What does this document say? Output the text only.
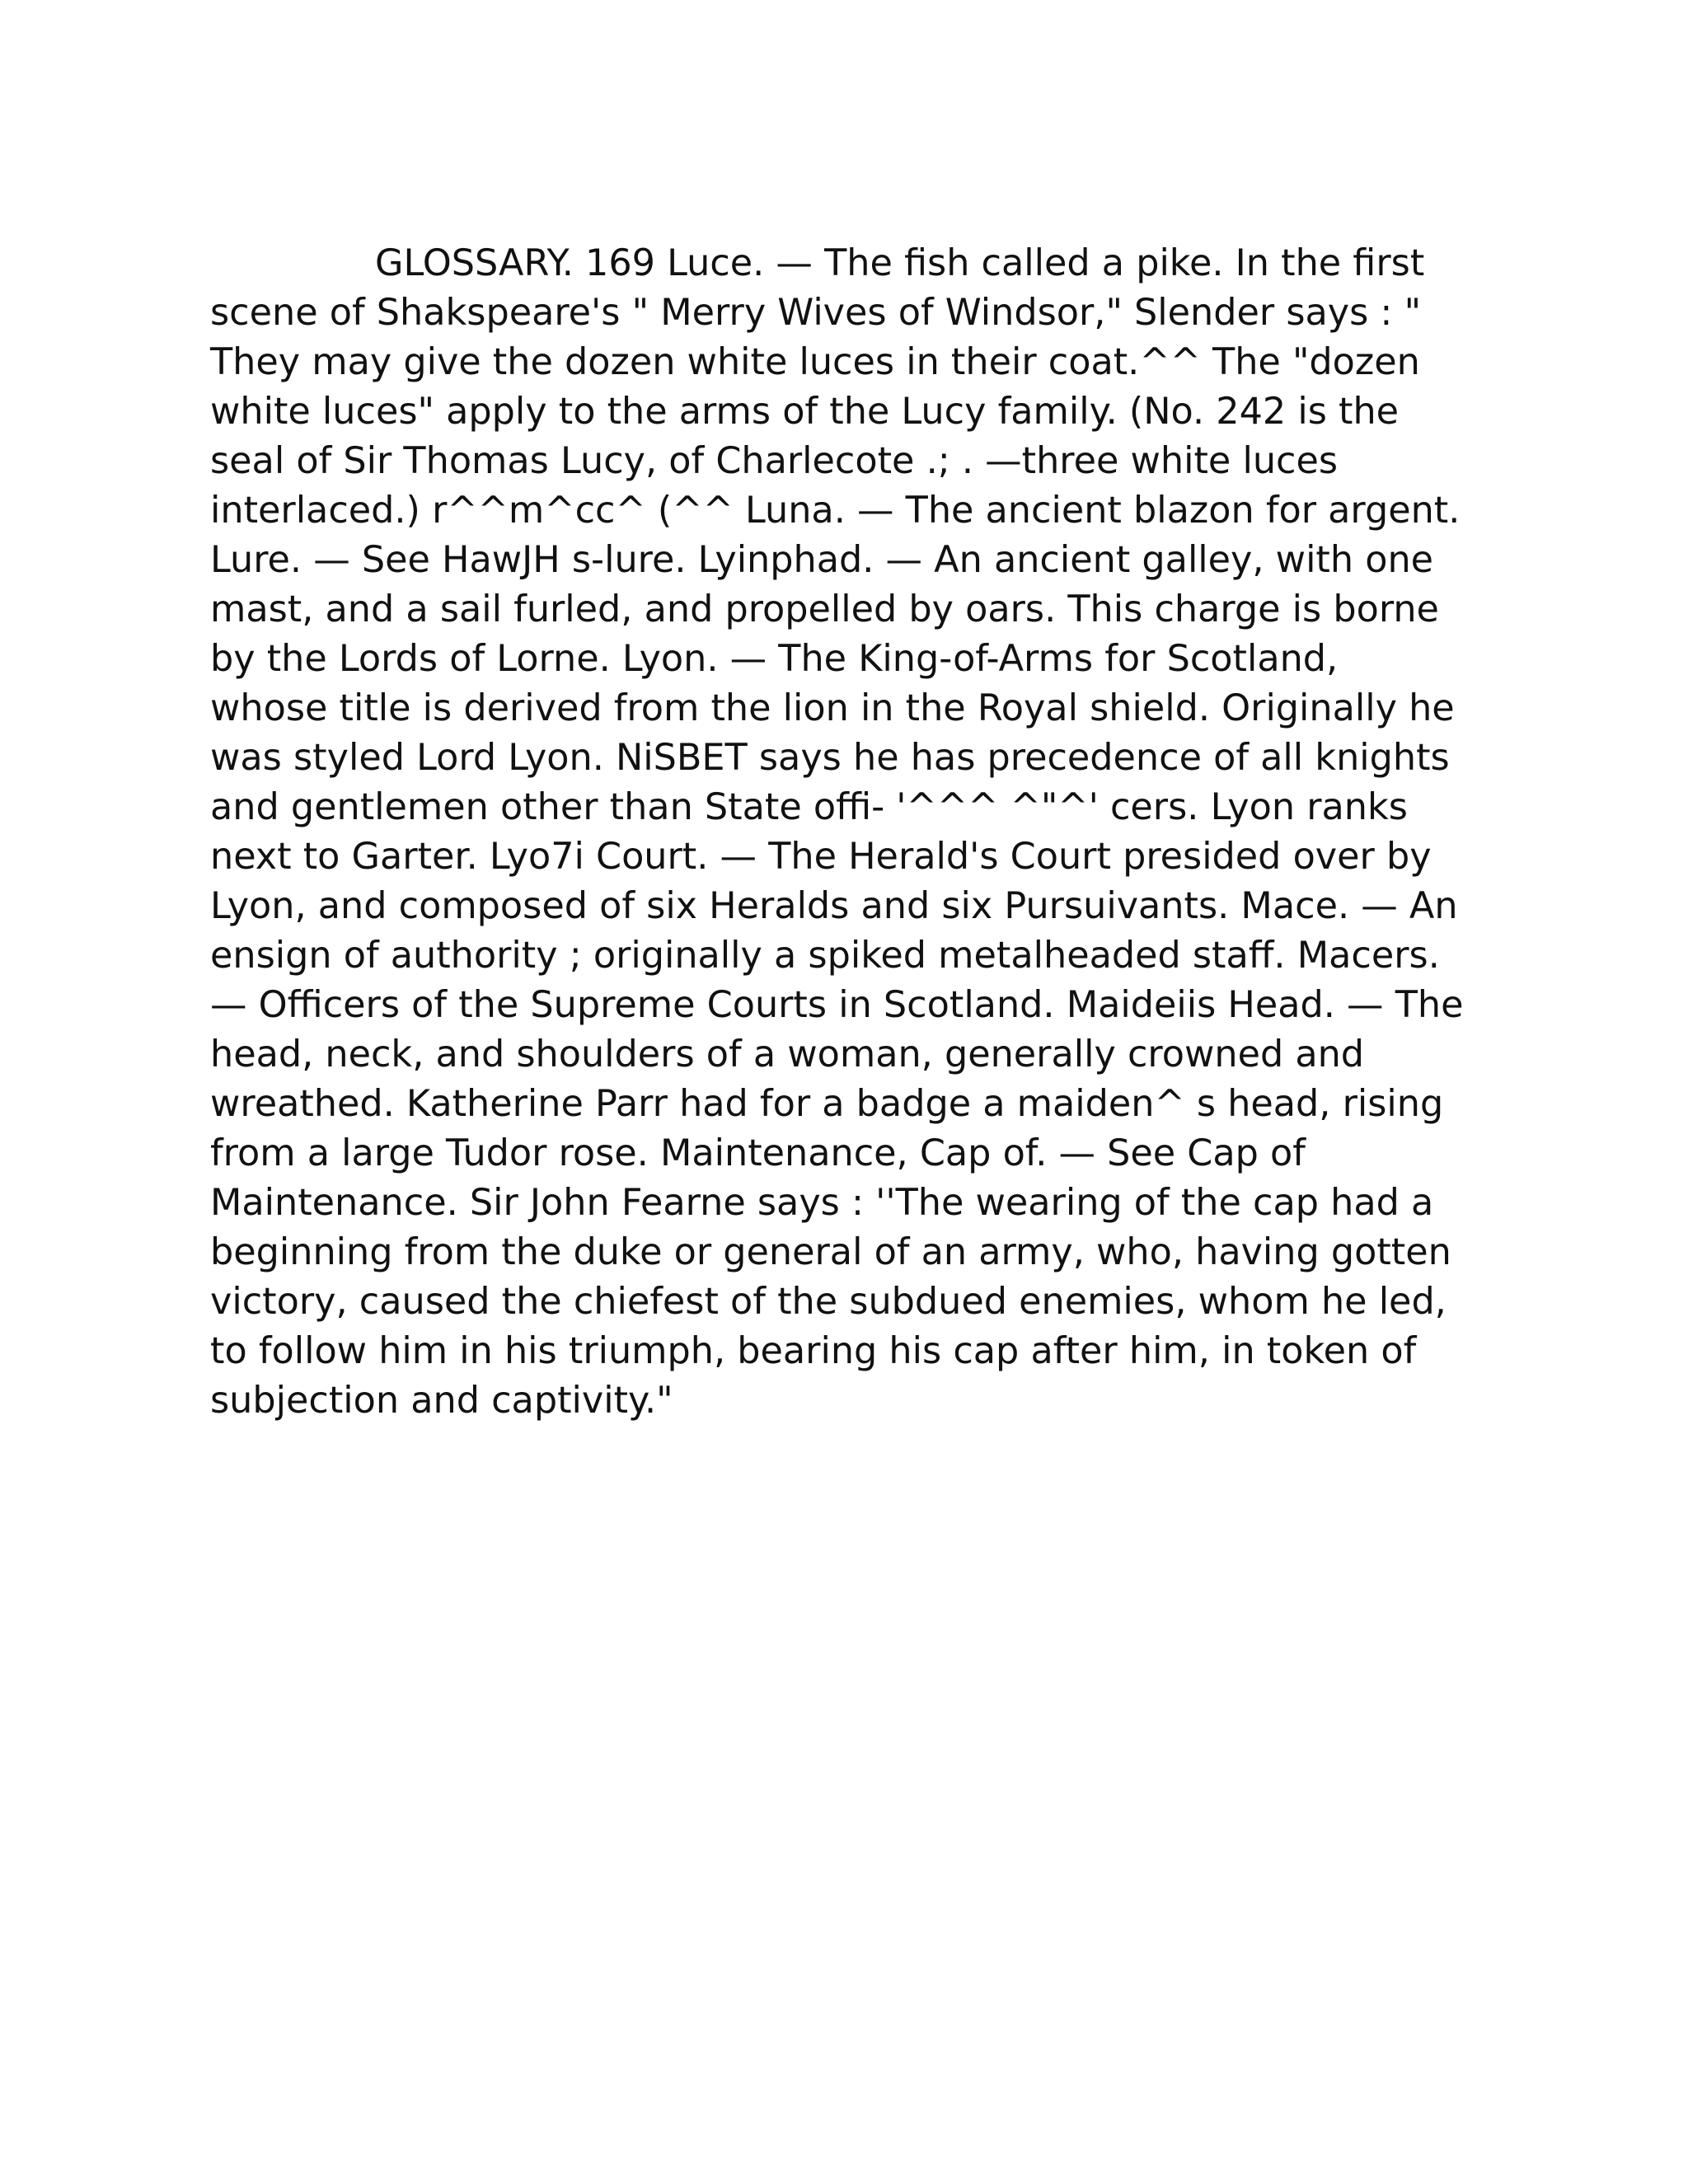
GLOSSARY. 169 Luce. — The fish called a pike. In the first
scene of Shakspeare's " Merry Wives of Windsor," Slender says : "
They may give the dozen white luces in their coat.^^ The "dozen
white luces" apply to the arms of the Lucy family. (No. 242 is the
seal of Sir Thomas Lucy, of Charlecote .; . —three white luces
interlaced.) r^^m^cc^ (^^ Luna. — The ancient blazon for argent.
Lure. — See HawJH s-lure. Lyinphad. — An ancient galley, with one
mast, and a sail furled, and propelled by oars. This charge is borne
by the Lords of Lorne. Lyon. — The King-of-Arms for Scotland,
whose title is derived from the lion in the Royal shield. Originally he
was styled Lord Lyon. NiSBET says he has precedence of all knights
and gentlemen other than State offi- '^^^ ^"^' cers. Lyon ranks
next to Garter. Lyo7i Court. — The Herald's Court presided over by
Lyon, and composed of six Heralds and six Pursuivants. Mace. — An
ensign of authority ; originally a spiked metalheaded staff. Macers.
— Officers of the Supreme Courts in Scotland. Maideiis Head. — The
head, neck, and shoulders of a woman, generally crowned and
wreathed. Katherine Parr had for a badge a maiden^ s head, rising
from a large Tudor rose. Maintenance, Cap of. — See Cap of
Maintenance. Sir John Fearne says : ''The wearing of the cap had a
beginning from the duke or general of an army, who, having gotten
victory, caused the chiefest of the subdued enemies, whom he led,
to follow him in his triumph, bearing his cap after him, in token of
subjection and captivity."
